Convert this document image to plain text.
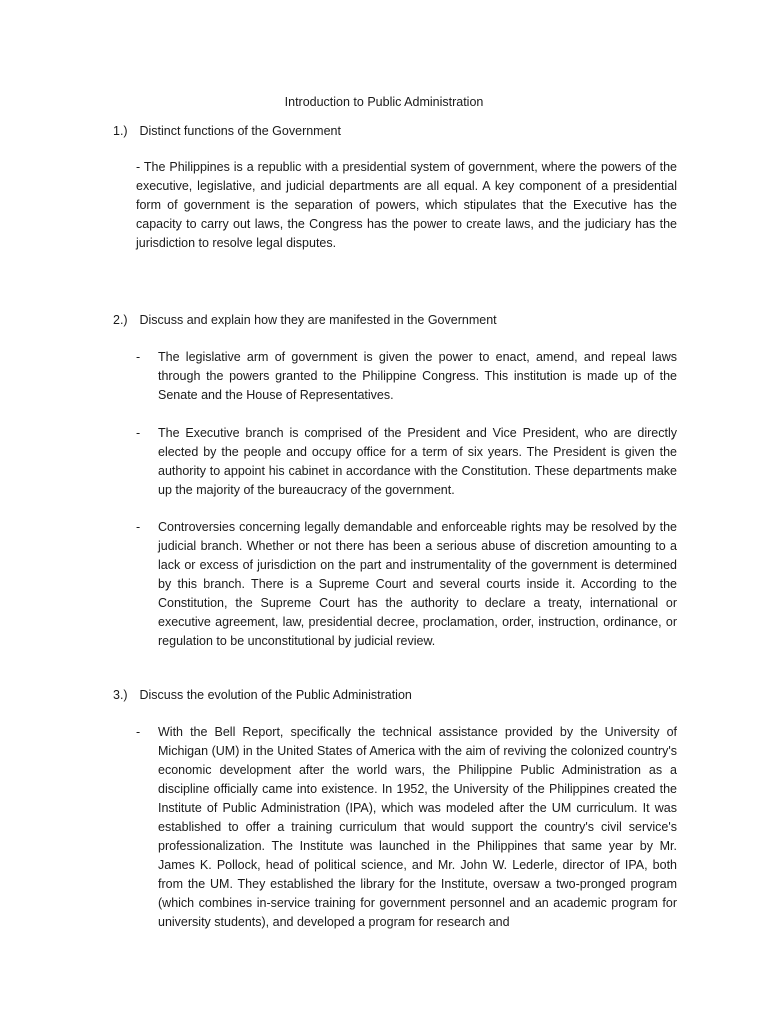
Introduction to Public Administration
1.) Distinct functions of the Government

- The Philippines is a republic with a presidential system of government, where the powers of the executive, legislative, and judicial departments are all equal. A key component of a presidential form of government is the separation of powers, which stipulates that the Executive has the capacity to carry out laws, the Congress has the power to create laws, and the judiciary has the jurisdiction to resolve legal disputes.

2.) Discuss and explain how they are manifested in the Government
- The legislative arm of government is given the power to enact, amend, and repeal laws through the powers granted to the Philippine Congress. This institution is made up of the Senate and the House of Representatives.

- The Executive branch is comprised of the President and Vice President, who are directly elected by the people and occupy office for a term of six years. The President is given the authority to appoint his cabinet in accordance with the Constitution. These departments make up the majority of the bureaucracy of the government.

- Controversies concerning legally demandable and enforceable rights may be resolved by the judicial branch. Whether or not there has been a serious abuse of discretion amounting to a lack or excess of jurisdiction on the part and instrumentality of the government is determined by this branch. There is a Supreme Court and several courts inside it. According to the Constitution, the Supreme Court has the authority to declare a treaty, international or executive agreement, law, presidential decree, proclamation, order, instruction, ordinance, or regulation to be unconstitutional by judicial review.

3.) Discuss the evolution of the Public Administration
- With the Bell Report, specifically the technical assistance provided by the University of Michigan (UM) in the United States of America with the aim of reviving the colonized country's economic development after the world wars, the Philippine Public Administration as a discipline officially came into existence. In 1952, the University of the Philippines created the Institute of Public Administration (IPA), which was modeled after the UM curriculum. It was established to offer a training curriculum that would support the country's civil service's professionalization. The Institute was launched in the Philippines that same year by Mr. James K. Pollock, head of political science, and Mr. John W. Lederle, director of IPA, both from the UM. They established the library for the Institute, oversaw a two-pronged program (which combines in-service training for government personnel and an academic program for university students), and developed a program for research and
